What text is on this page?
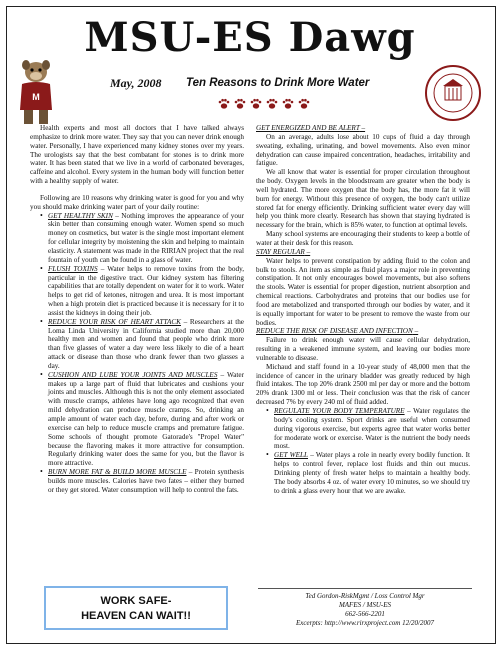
MSU-ES Dawg
M
May, 2008 Ten Reasons to Drink More Water

Health experts and most all doctors that I have talked always emphasize to drink more water. They say that you can never drink enough water. Personally, I have experienced many kidney stones over my years. The urologists say that the best combatant for stones is to drink more water. It has been stated that we live in a world of carbonated beverages, caffeine and alcohol. Every system in the human body will function better with a healthy supply of water.

Following are 10 reasons why drinking water is good for you and why you should make drinking water part of your daily routine:

• GET HEALTHY SKIN – Nothing improves the appearance of your skin better than consuming enough water. Women spend so much money on cosmetics, but water is the single most important element for cellular integrity by moistening the skin and helping to maintain elasticity. A statement was made in the RIRIAN project that the real fountain of youth can be found in a glass of water.
• FLUSH TOXINS – Water helps to remove toxins from the body, particular in the digestive tract. Our kidney system has filtering capabilities that are totally dependent on water for it to work. Water helps to get rid of ketones, nitrogen and urea. It is most important when a high protein diet is practiced because it is necessary for it to assist the kidneys in doing their job.
• REDUCE YOUR RISK OF HEART ATTACK – Researchers at the Loma Linda University in California studied more than 20,000 healthy men and women and found that people who drink more than five glasses of water a day were less likely to die of a heart attack or disease than those who drank fewer than two glasses a day.
• CUSHION AND LUBE YOUR JOINTS AND MUSCLES – Water makes up a large part of fluid that lubricates and cushions your joints and muscles. Although this is not the only element associated with muscle cramps, athletes have long ago recognized that even mild dehydration can produce muscle cramps. So, drinking an ample amount of water each day, before, during and after work or exercise can help to reduce muscle cramps and premature fatigue. Some schools of thought promote Gatorade's "Propel Water" because the flavoring makes it more attractive for consumption. Regularly drinking water does the same for you, but the flavor is more attractive.
• BURN MORE FAT & BUILD MORE MUSCLE – Protein synthesis builds more muscles. Calories have two fates – either they burned or they get stored. Water consumption will help to control the fats.
GET ENERGIZED AND BE ALERT –

On an average, adults lose about 10 cups of fluid a day through sweating, exhaling, urinating, and bowel movements. Also even minor dehydration can cause impaired concentration, headaches, irritability and fatigue.

We all know that water is essential for proper circulation throughout the body. Oxygen levels in the bloodstream are greater when the body is well hydrated. The more oxygen that the body has, the more fat it will burn for energy. Without this presence of oxygen, the body can't utilize stored fat for energy efficiently. Drinking sufficient water every day will help you think more clearly. Research has shown that staying hydrated is necessary for the brain, which is 85% water, to function at optimal levels.

Many school systems are encouraging their students to keep a bottle of water at their desk for this reason.

STAY REGULAR –

Water helps to prevent constipation by adding fluid to the colon and bulk to stools. An item as simple as fluid plays a major role in preventing constipation. It not only encourages bowel movements, but also softens the stools. Water is essential for proper digestion, nutrient absorption and chemical reactions. Carbohydrates and proteins that our bodies use for food are metabolized and transported through our bodies by water, and it is equally important for water to be present to remove the waste from our bodies.

REDUCE THE RISK OF DISEASE AND INFECTION –

Failure to drink enough water will cause cellular dehydration, resulting in a weakened immune system, and leaving our bodies more vulnerable to disease.

Michaud and staff found in a 10-year study of 48,000 men that the incidence of cancer in the urinary bladder was greatly reduced by high fluid intakes. The top 20% drank 2500 ml per day or more and the bottom 20% drank 1300 ml or less. Their conclusion was that the risk of cancer decreased 7% by every 240 ml of fluid added.

• REGULATE YOUR BODY TEMPERATURE – Water regulates the body's cooling system. Sport drinks are useful when consumed during vigorous exercise, but experts agree that water works better for moderate work or exercise. Water is the nutrient the body needs most.
• GET WELL – Water plays a role in nearly every bodily function. It helps to control fever, replace lost fluids and thin out mucus. Drinking plenty of fresh water helps to maintain a healthy body. The body absorbs 4 oz. of water every 10 minutes, so we should try to drink a glass every hour that we are awake.
WORK SAFE-
HEAVEN CAN WAIT!!
Ted Gordon-RiskMgmt / Loss Control Mgr
MAFES / MSU-ES
662-566-2201
Excerpts: http://www.rirxproject.com 12/20/2007
